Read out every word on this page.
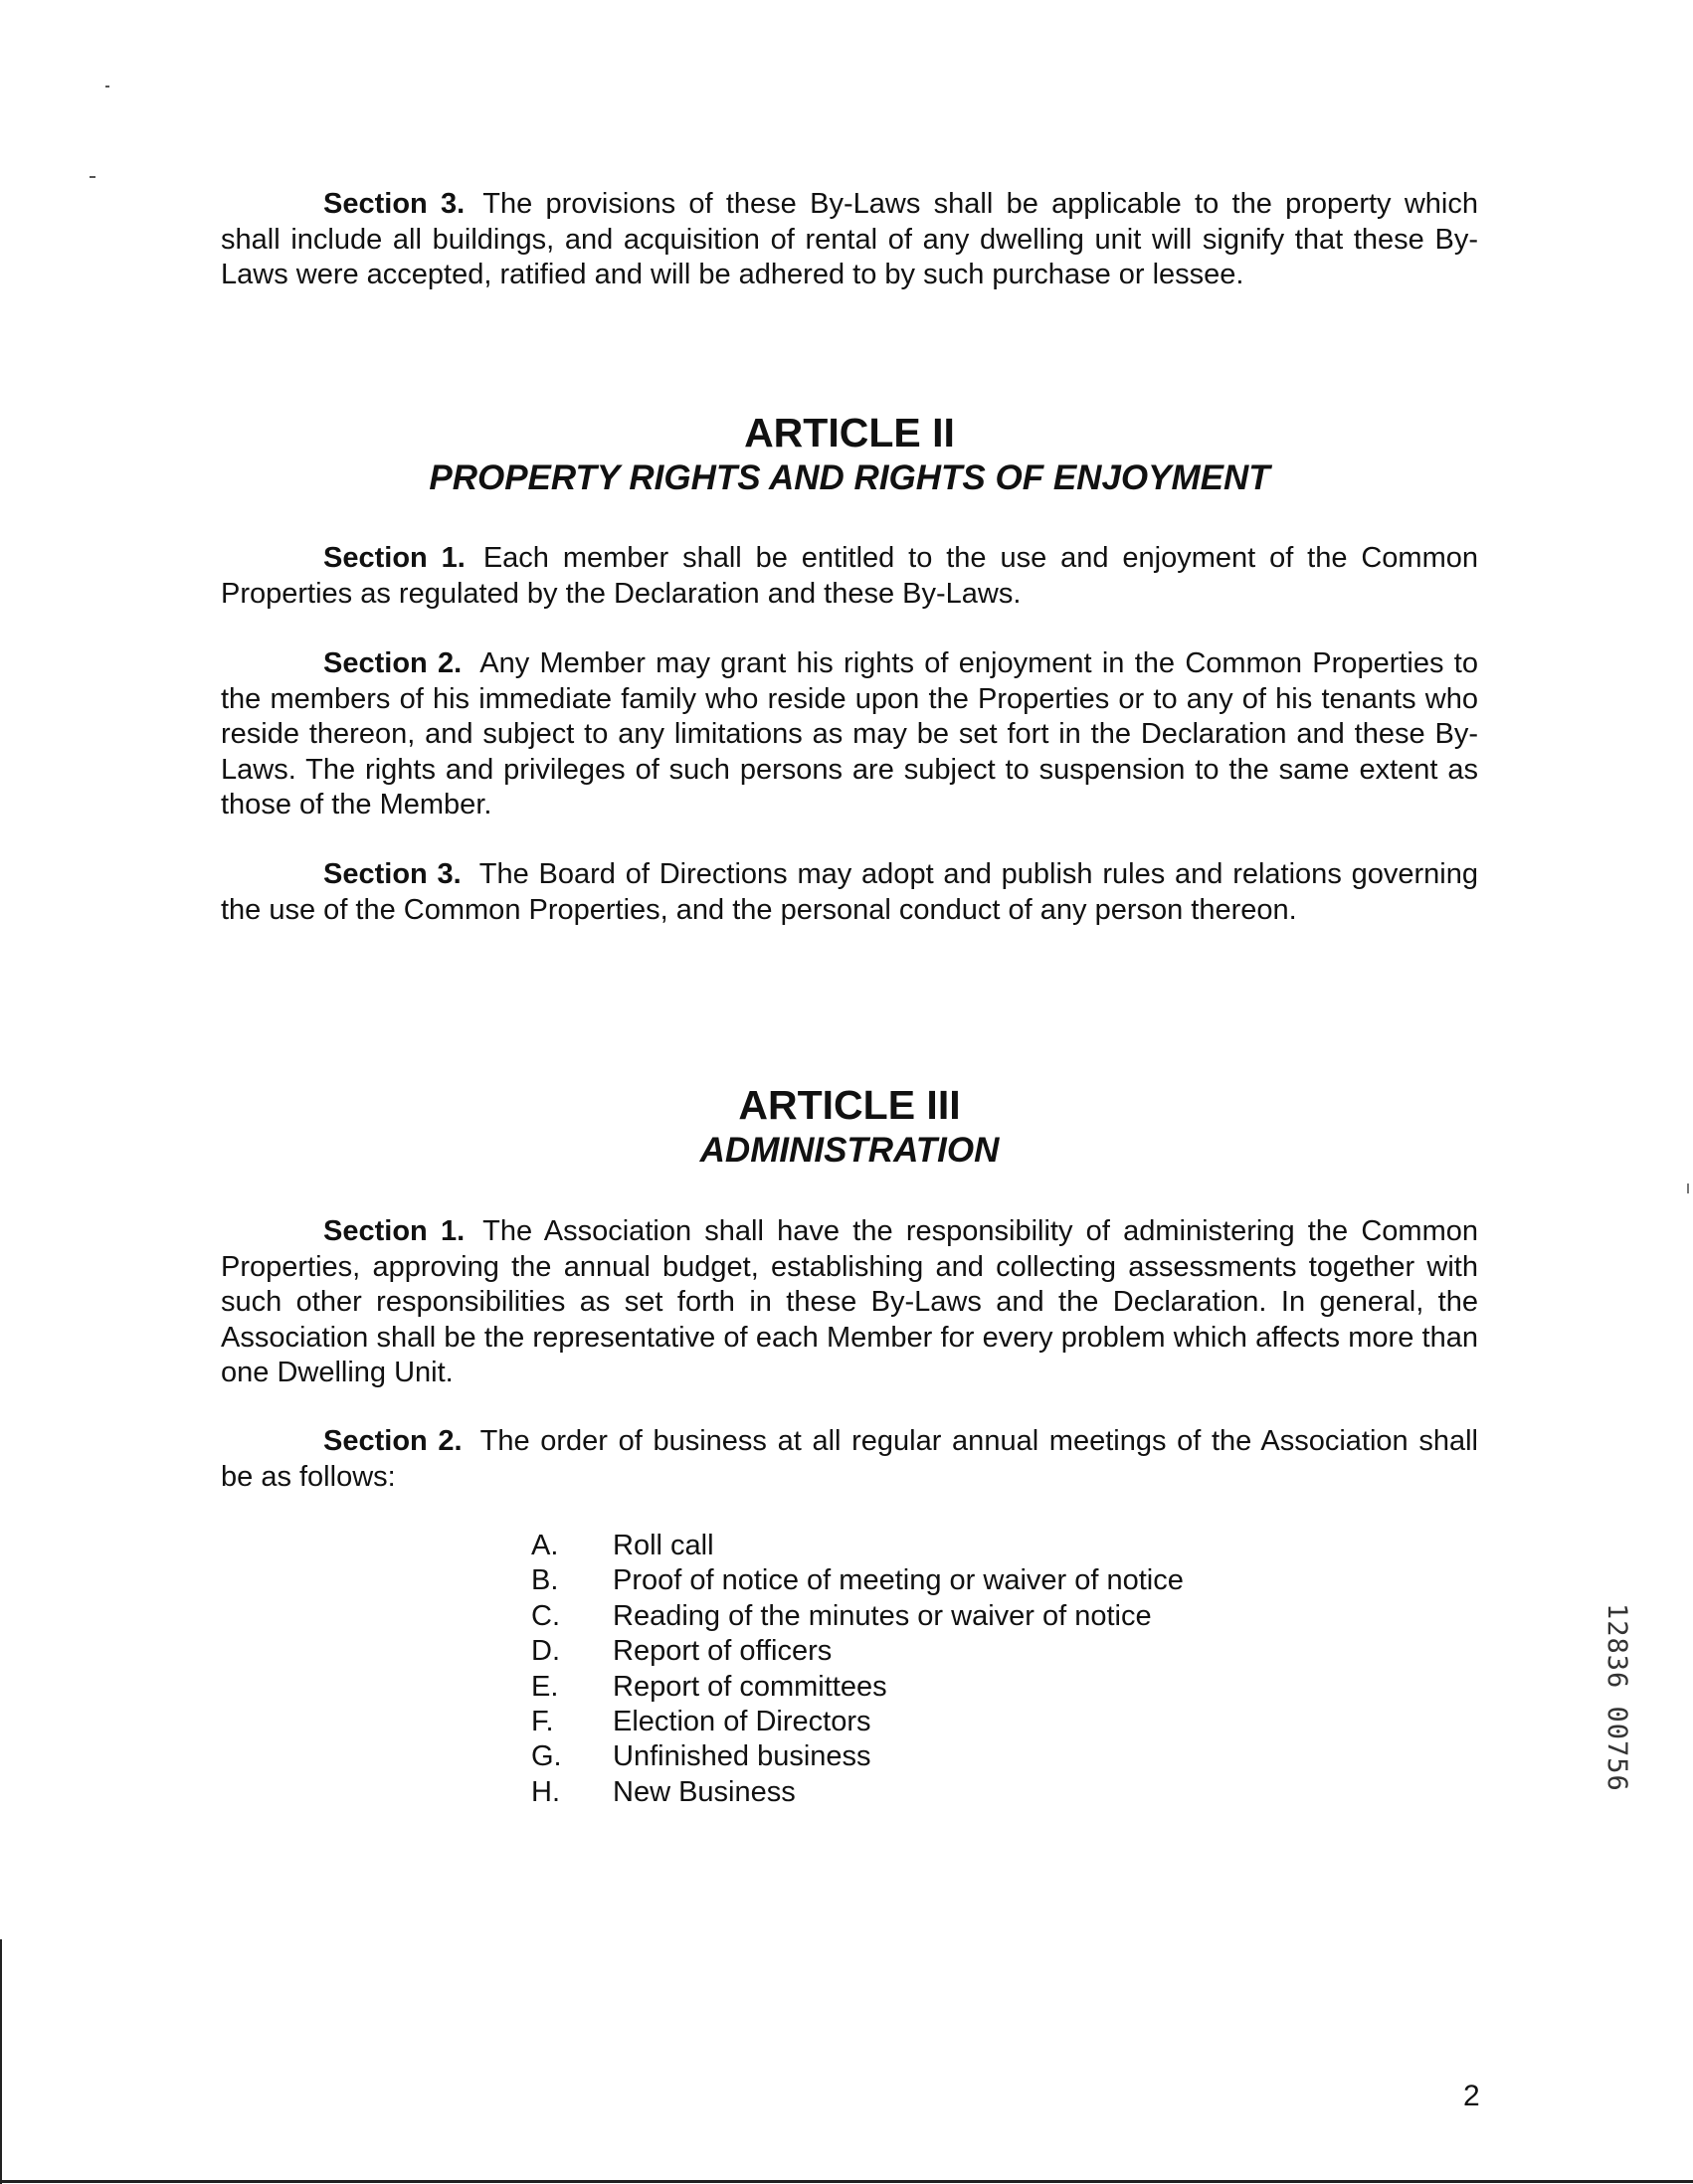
Section 3. The provisions of these By-Laws shall be applicable to the property which shall include all buildings, and acquisition of rental of any dwelling unit will signify that these By-Laws were accepted, ratified and will be adhered to by such purchase or lessee.

ARTICLE II
PROPERTY RIGHTS AND RIGHTS OF ENJOYMENT

Section 1. Each member shall be entitled to the use and enjoyment of the Common Properties as regulated by the Declaration and these By-Laws.

Section 2. Any Member may grant his rights of enjoyment in the Common Properties to the members of his immediate family who reside upon the Properties or to any of his tenants who reside thereon, and subject to any limitations as may be set fort in the Declaration and these By-Laws. The rights and privileges of such persons are subject to suspension to the same extent as those of the Member.

Section 3. The Board of Directions may adopt and publish rules and relations governing the use of the Common Properties, and the personal conduct of any person thereon.

ARTICLE III
ADMINISTRATION

Section 1. The Association shall have the responsibility of administering the Common Properties, approving the annual budget, establishing and collecting assessments together with such other responsibilities as set forth in these By-Laws and the Declaration. In general, the Association shall be the representative of each Member for every problem which affects more than one Dwelling Unit.

Section 2. The order of business at all regular annual meetings of the Association shall be as follows:

A. Roll call
B. Proof of notice of meeting or waiver of notice
C. Reading of the minutes or waiver of notice
D. Report of officers
E. Report of committees
F. Election of Directors
G. Unfinished business
H. New Business	12836 00756
2
